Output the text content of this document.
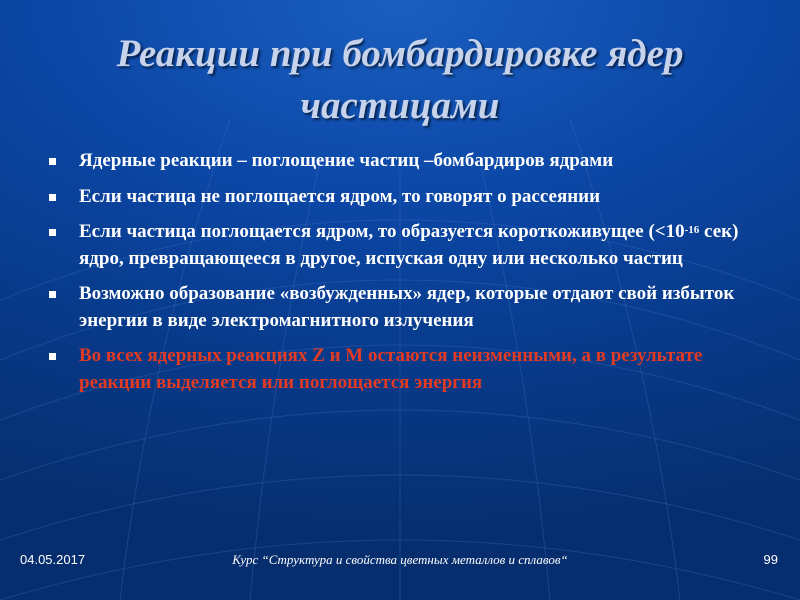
Реакции при бомбардировке ядер
частицами
Ядерные реакции – поглощение частиц –бомбардиров ядрами
Если частица не поглощается ядром, то говорят о рассеянии
Если частица поглощается ядром, то образуется короткоживущее ($<10^{-16}$ сек) ядро, превращающееся в другое, испуская одну или несколько частиц
Возможно образование «возбужденных» ядер, которые отдают свой избыток энергии в виде электромагнитного излучения
Во всех ядерных реакциях Z и M остаются неизменными, а в результате реакции выделяется или поглощается энергия
04.05.2017	Курс “Структура и свойства цветных металлов и сплавов“	99
